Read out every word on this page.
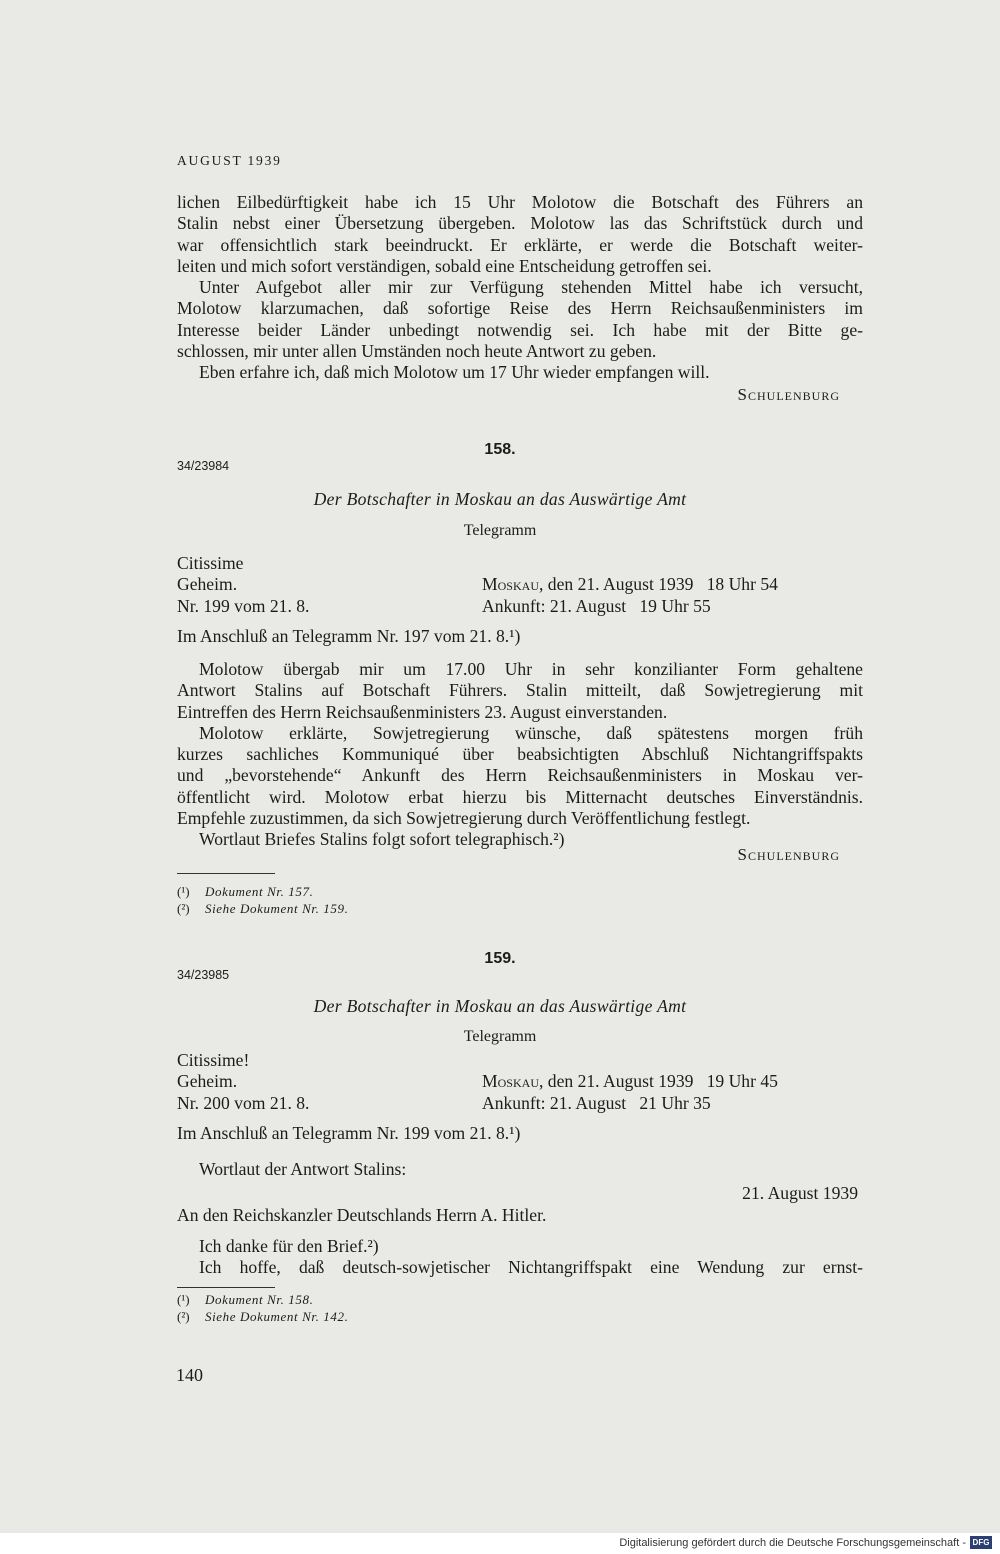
AUGUST 1939
lichen Eilbedürftigkeit habe ich 15 Uhr Molotow die Botschaft des Führers an
Stalin nebst einer Übersetzung übergeben. Molotow las das Schriftstück durch und
war offensichtlich stark beeindruckt. Er erklärte, er werde die Botschaft weiter-
leiten und mich sofort verständigen, sobald eine Entscheidung getroffen sei.
Unter Aufgebot aller mir zur Verfügung stehenden Mittel habe ich versucht,
Molotow klarzumachen, daß sofortige Reise des Herrn Reichsaußenministers im
Interesse beider Länder unbedingt notwendig sei. Ich habe mit der Bitte ge-
schlossen, mir unter allen Umständen noch heute Antwort zu geben.
Eben erfahre ich, daß mich Molotow um 17 Uhr wieder empfangen will.
Schulenburg
158.
34/23984
Der Botschafter in Moskau an das Auswärtige Amt
Telegramm
Citissime
Geheim.	Moskau, den 21. August 1939   18 Uhr 54
Nr. 199 vom 21. 8.	Ankunft: 21. August   19 Uhr 55
Im Anschluß an Telegramm Nr. 197 vom 21. 8.¹)
Molotow übergab mir um 17.00 Uhr in sehr konzilianter Form gehaltene
Antwort Stalins auf Botschaft Führers. Stalin mitteilt, daß Sowjetregierung mit
Eintreffen des Herrn Reichsaußenministers 23. August einverstanden.
Molotow erklärte, Sowjetregierung wünsche, daß spätestens morgen früh
kurzes sachliches Kommuniqué über beabsichtigten Abschluß Nichtangriffspakts
und „bevorstehende“ Ankunft des Herrn Reichsaußenministers in Moskau ver-
öffentlicht wird. Molotow erbat hierzu bis Mitternacht deutsches Einverständnis.
Empfehle zuzustimmen, da sich Sowjetregierung durch Veröffentlichung festlegt.
Wortlaut Briefes Stalins folgt sofort telegraphisch.²)
Schulenburg
(¹) Dokument Nr. 157.
(²) Siehe Dokument Nr. 159.
159.
34/23985
Der Botschafter in Moskau an das Auswärtige Amt
Telegramm
Citissime!
Geheim.	Moskau, den 21. August 1939   19 Uhr 45
Nr. 200 vom 21. 8.	Ankunft: 21. August   21 Uhr 35
Im Anschluß an Telegramm Nr. 199 vom 21. 8.¹)
Wortlaut der Antwort Stalins:
21. August 1939
An den Reichskanzler Deutschlands Herrn A. Hitler.
Ich danke für den Brief.²)
Ich hoffe, daß deutsch-sowjetischer Nichtangriffspakt eine Wendung zur ernst-
(¹) Dokument Nr. 158.
(²) Siehe Dokument Nr. 142.
140
Digitalisierung gefördert durch die Deutsche Forschungsgemeinschaft - DFG
